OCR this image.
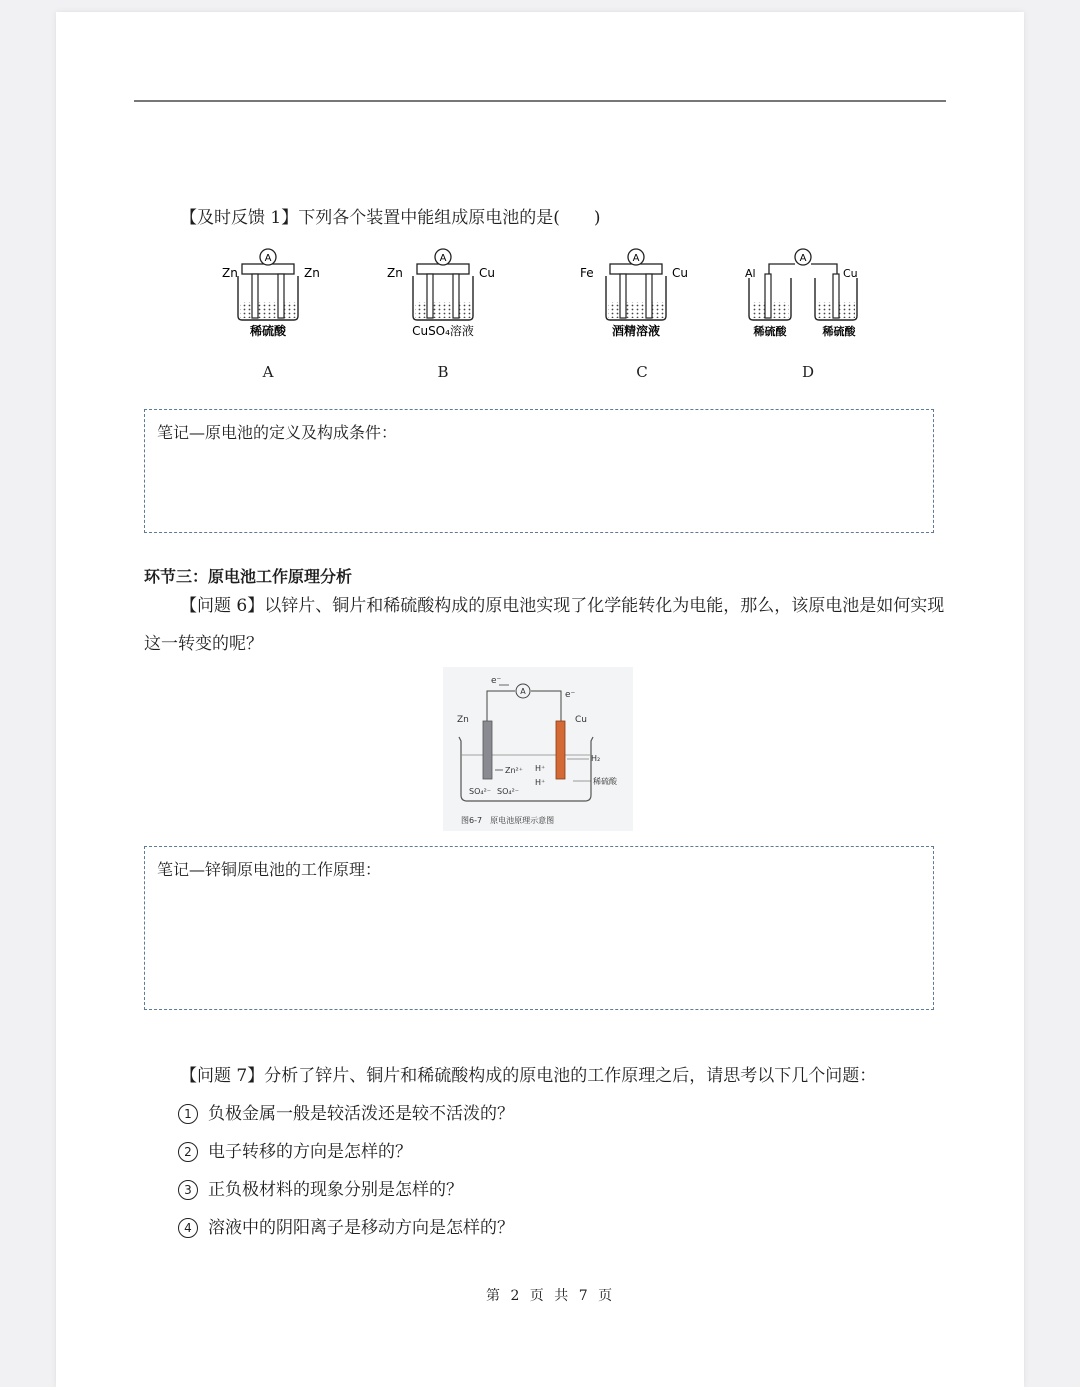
【及时反馈 1】下列各个装置中能组成原电池的是(　　)
A
Zn	Zn
稀硫酸
A
Zn	Cu
CuSO₄溶液
A
Fe	Cu
酒精溶液
A
Al	Cu
稀硫酸	稀硫酸
A	B	C	D
笔记—原电池的定义及构成条件：
环节三：原电池工作原理分析
【问题 6】以锌片、铜片和稀硫酸构成的原电池实现了化学能转化为电能，那么，该原电池是如何实现
这一转变的呢？
A
e⁻
e⁻
Zn	Cu
Zn²⁺ H⁺
H⁺
H₂
稀硫酸
SO₄²⁻ SO₄²⁻
图6-7　原电池原理示意图
笔记—锌铜原电池的工作原理：
【问题 7】分析了锌片、铜片和稀硫酸构成的原电池的工作原理之后，请思考以下几个问题：
1 负极金属一般是较活泼还是较不活泼的？
2 电子转移的方向是怎样的？
3 正负极材料的现象分别是怎样的？
4 溶液中的阴阳离子是移动方向是怎样的？
第 2 页 共 7 页
